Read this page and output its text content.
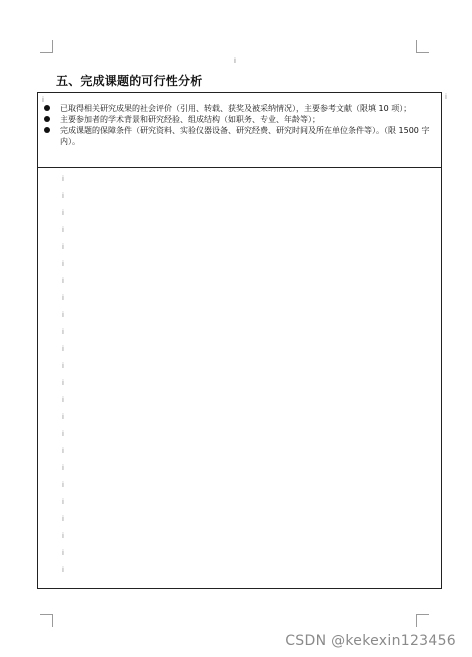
ⅰ
五、完成课题的可行性分析
ⅰ
已取得相关研究成果的社会评价（引用、转载、获奖及被采纳情况），主要参考文献（限填 10 项）；
主要参加者的学术背景和研究经验、组成结构（如职务、专业、年龄等）；
完成课题的保障条件（研究资料、实验仪器设备、研究经费、研究时间及所在单位条件等）。（限 1500 字内）。
ⅰ
ⅰ
ⅰ
ⅰ
ⅰ
ⅰ
ⅰ
ⅰ
ⅰ
ⅰ
ⅰ
ⅰ
ⅰ
ⅰ
ⅰ
ⅰ
ⅰ
ⅰ
ⅰ
ⅰ
ⅰ
ⅰ
ⅰ
ⅰ
ⅰ
CSDN @kekexin123456
